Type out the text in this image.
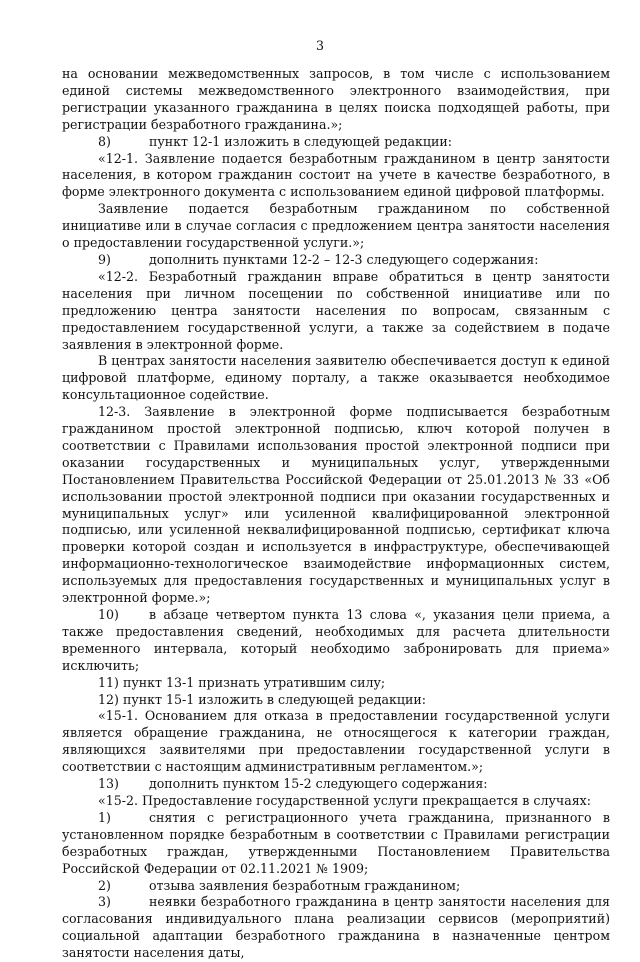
3

на основании межведомственных запросов, в том числе с использованием единой системы межведомственного электронного взаимодействия, при регистрации указанного гражданина в целях поиска подходящей работы, при регистрации безработного гражданина.»;

8)	пункт 12-1 изложить в следующей редакции:

«12-1. Заявление подается безработным гражданином в центр занятости населения, в котором гражданин состоит на учете в качестве безработного, в форме электронного документа с использованием единой цифровой платформы.

Заявление подается безработным гражданином по собственной инициативе или в случае согласия с предложением центра занятости населения о предоставлении государственной услуги.»;

9)	дополнить пунктами 12-2 – 12-3 следующего содержания:

«12-2. Безработный гражданин вправе обратиться в центр занятости населения при личном посещении по собственной инициативе или по предложению центра занятости населения по вопросам, связанным с предоставлением государственной услуги, а также за содействием в подаче заявления в электронной форме.

В центрах занятости населения заявителю обеспечивается доступ к единой цифровой платформе, единому порталу, а также оказывается необходимое консультационное содействие.

12-3. Заявление в электронной форме подписывается безработным гражданином простой электронной подписью, ключ которой получен в соответствии с Правилами использования простой электронной подписи при оказании государственных и муниципальных услуг, утвержденными Постановлением Правительства Российской Федерации от 25.01.2013 № 33 «Об использовании простой электронной подписи при оказании государственных и муниципальных услуг» или усиленной квалифицированной электронной подписью, или усиленной неквалифицированной подписью, сертификат ключа проверки которой создан и используется в инфраструктуре, обеспечивающей информационно-технологическое взаимодействие информационных систем, используемых для предоставления государственных и муниципальных услуг в электронной форме.»;

10) в абзаце четвертом пункта 13 слова «, указания цели приема, а также предоставления сведений, необходимых для расчета длительности временного интервала, который необходимо забронировать для приема» исключить;

11) пункт 13-1 признать утратившим силу;

12) пункт 15-1 изложить в следующей редакции:

«15-1. Основанием для отказа в предоставлении государственной услуги является обращение гражданина, не относящегося к категории граждан, являющихся заявителями при предоставлении государственной услуги в соответствии с настоящим административным регламентом.»;

13) дополнить пунктом 15-2 следующего содержания:

«15-2. Предоставление государственной услуги прекращается в случаях:

1)	снятия с регистрационного учета гражданина, признанного в установленном порядке безработным в соответствии с Правилами регистрации безработных граждан, утвержденными Постановлением Правительства Российской Федерации от 02.11.2021 № 1909;

2)	отзыва заявления безработным гражданином;

3)	неявки безработного гражданина в центр занятости населения для согласования индивидуального плана реализации сервисов (мероприятий) социальной адаптации безработного гражданина в назначенные центром занятости населения даты,
